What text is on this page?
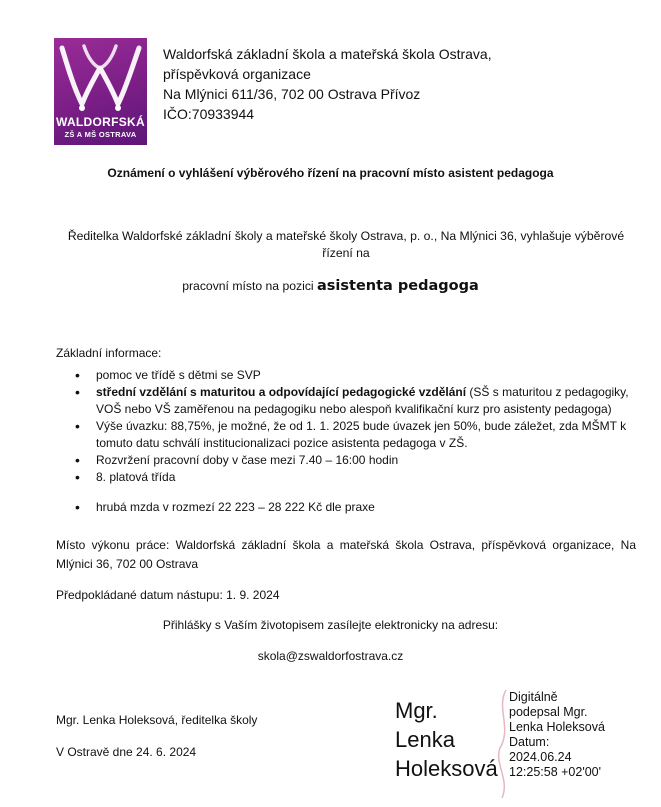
WALDORFSKÁ
ZŠ A MŠ OSTRAVA
Waldorfská základní škola a mateřská škola Ostrava,
příspěvková organizace
Na Mlýnici 611/36, 702 00 Ostrava Přívoz
IČO:70933944
Oznámení o vyhlášení výběrového řízení na pracovní místo asistent pedagoga
Ředitelka Waldorfské základní školy a mateřské školy Ostrava, p. o., Na Mlýnici 36, vyhlašuje výběrové řízení na
pracovní místo na pozici asistenta pedagoga
Základní informace:
• pomoc ve třídě s dětmi se SVP
• střední vzdělání s maturitou a odpovídající pedagogické vzdělání (SŠ s maturitou z pedagogiky, VOŠ nebo VŠ zaměřenou na pedagogiku nebo alespoň kvalifikační kurz pro asistenty pedagoga)
• Výše úvazku: 88,75%, je možné, že od 1. 1. 2025 bude úvazek jen 50%, bude záležet, zda MŠMT k tomuto datu schválí institucionalizaci pozice asistenta pedagoga v ZŠ.
• Rozvržení pracovní doby v čase mezi 7.40 – 16:00 hodin
• 8. platová třída
• hrubá mzda v rozmezí 22 223 – 28 222 Kč dle praxe
Místo výkonu práce: Waldorfská základní škola a mateřská škola Ostrava, příspěvková organizace, Na Mlýnici 36, 702 00 Ostrava
Předpokládané datum nástupu: 1. 9. 2024
Přihlášky s Vaším životopisem zasílejte elektronicky na adresu:
skola@zswaldorfostrava.cz
Mgr. Lenka Holeksová, ředitelka školy
V Ostravě dne 24. 6. 2024
Mgr.
Lenka
Holeksová
Digitálně
podepsal Mgr.
Lenka Holeksová
Datum:
2024.06.24
12:25:58 +02'00'
